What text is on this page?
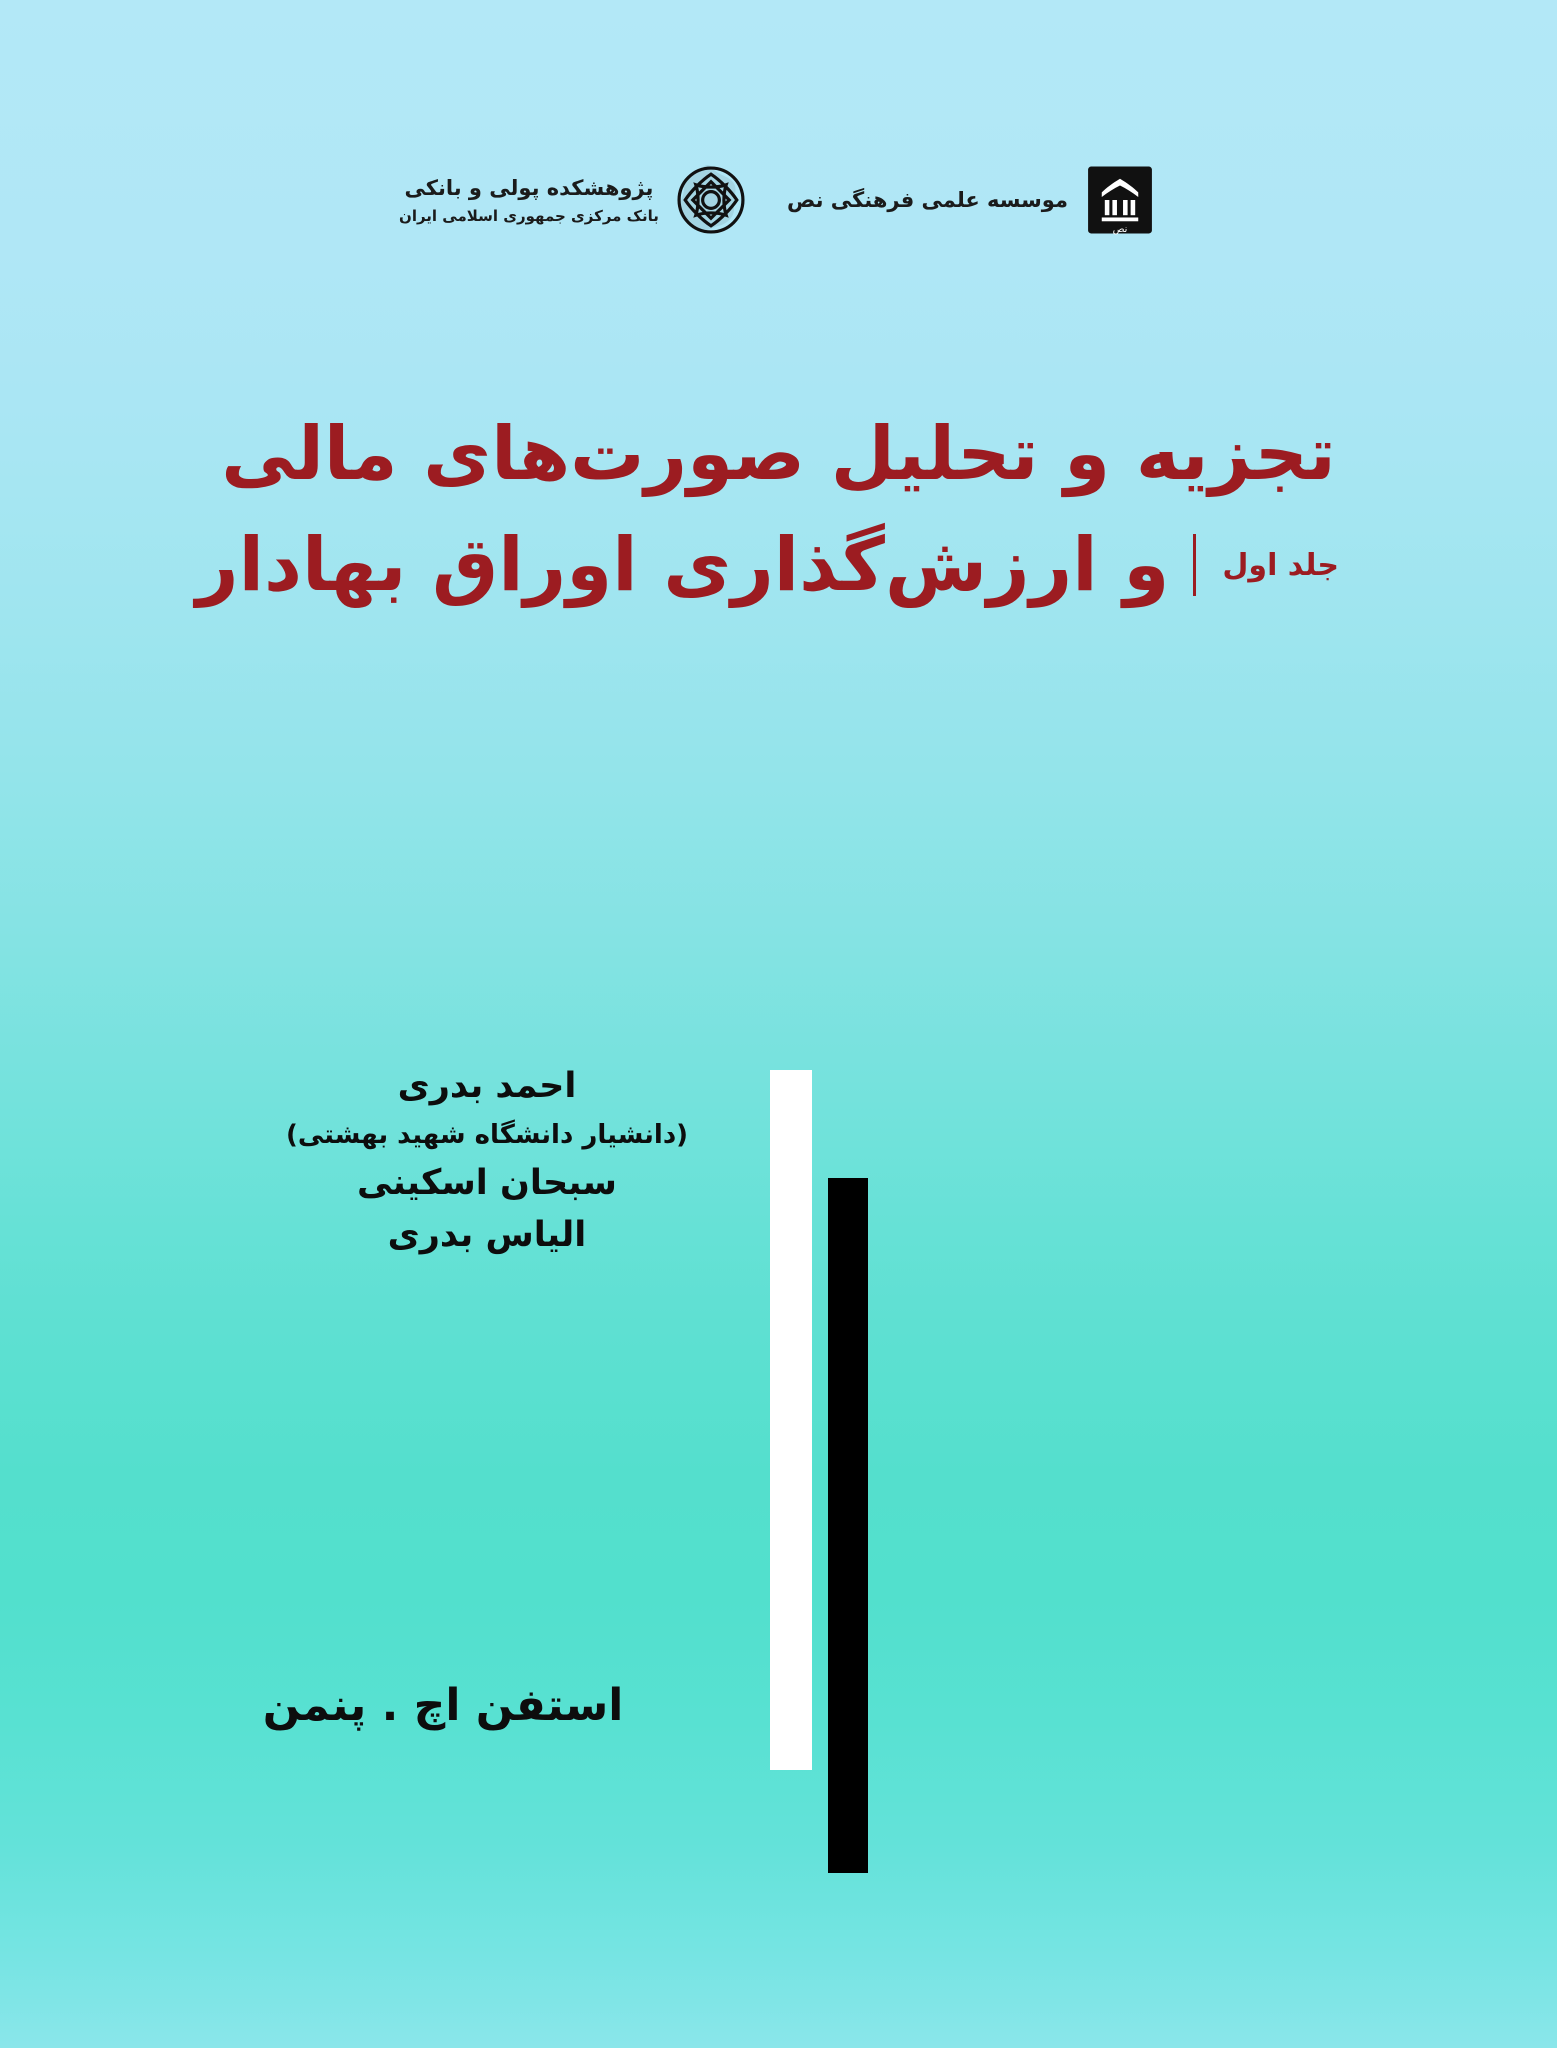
پژوهشکده پولی و بانکی
بانک مرکزی جمهوری اسلامی ایران
موسسه علمی فرهنگی نص
نص
تجزیه و تحلیل صورت‌های مالی
جلد اول
و ارزش‌گذاری اوراق بهادار
احمد بدری
(دانشیار دانشگاه شهید بهشتی)
سبحان اسکینی
الیاس بدری
استفن اچ . پنمن
